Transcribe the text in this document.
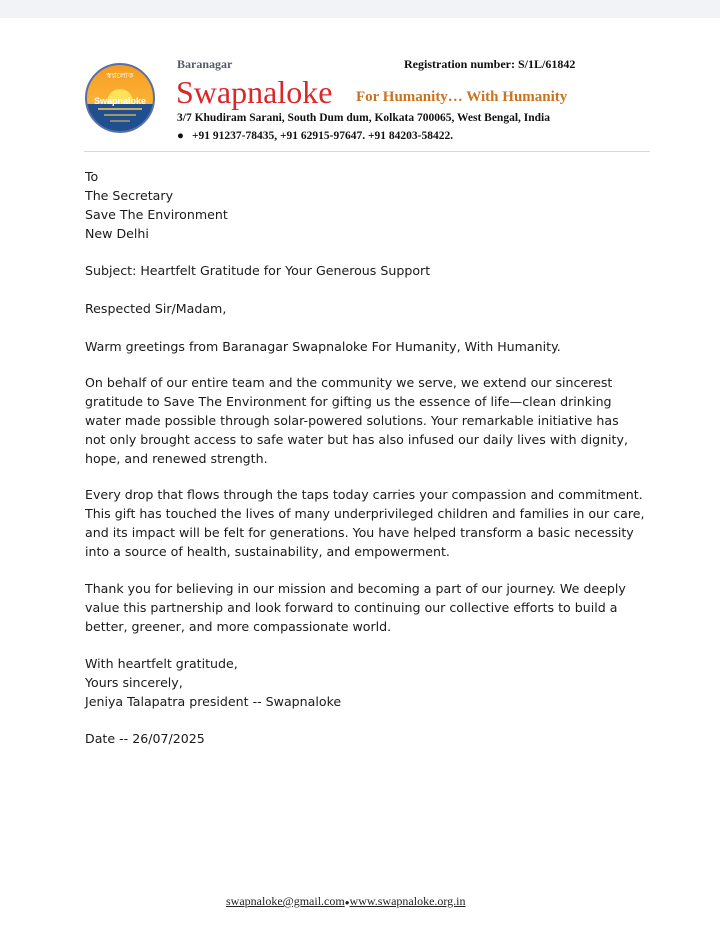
স্বপ্নলোক
Swapnaloke
Baranagar	Registration number: S/1L/61842
Swapnaloke For Humanity… With Humanity
3/7 Khudiram Sarani, South Dum dum, Kolkata 700065, West Bengal, India
● +91 91237-78435, +91 62915-97647. +91 84203-58422.
To
The Secretary
Save The Environment
New Delhi
Subject: Heartfelt Gratitude for Your Generous Support
Respected Sir/Madam,
Warm greetings from Baranagar Swapnaloke For Humanity, With Humanity.
On behalf of our entire team and the community we serve, we extend our sincerest
gratitude to Save The Environment for gifting us the essence of life—clean drinking
water made possible through solar-powered solutions. Your remarkable initiative has
not only brought access to safe water but has also infused our daily lives with dignity,
hope, and renewed strength.
Every drop that flows through the taps today carries your compassion and commitment.
This gift has touched the lives of many underprivileged children and families in our care,
and its impact will be felt for generations. You have helped transform a basic necessity
into a source of health, sustainability, and empowerment.
Thank you for believing in our mission and becoming a part of our journey. We deeply
value this partnership and look forward to continuing our collective efforts to build a
better, greener, and more compassionate world.
With heartfelt gratitude,
Yours sincerely,
Jeniya Talapatra president -- Swapnaloke
Date -- 26/07/2025
swapnaloke@gmail.com●www.swapnaloke.org.in
